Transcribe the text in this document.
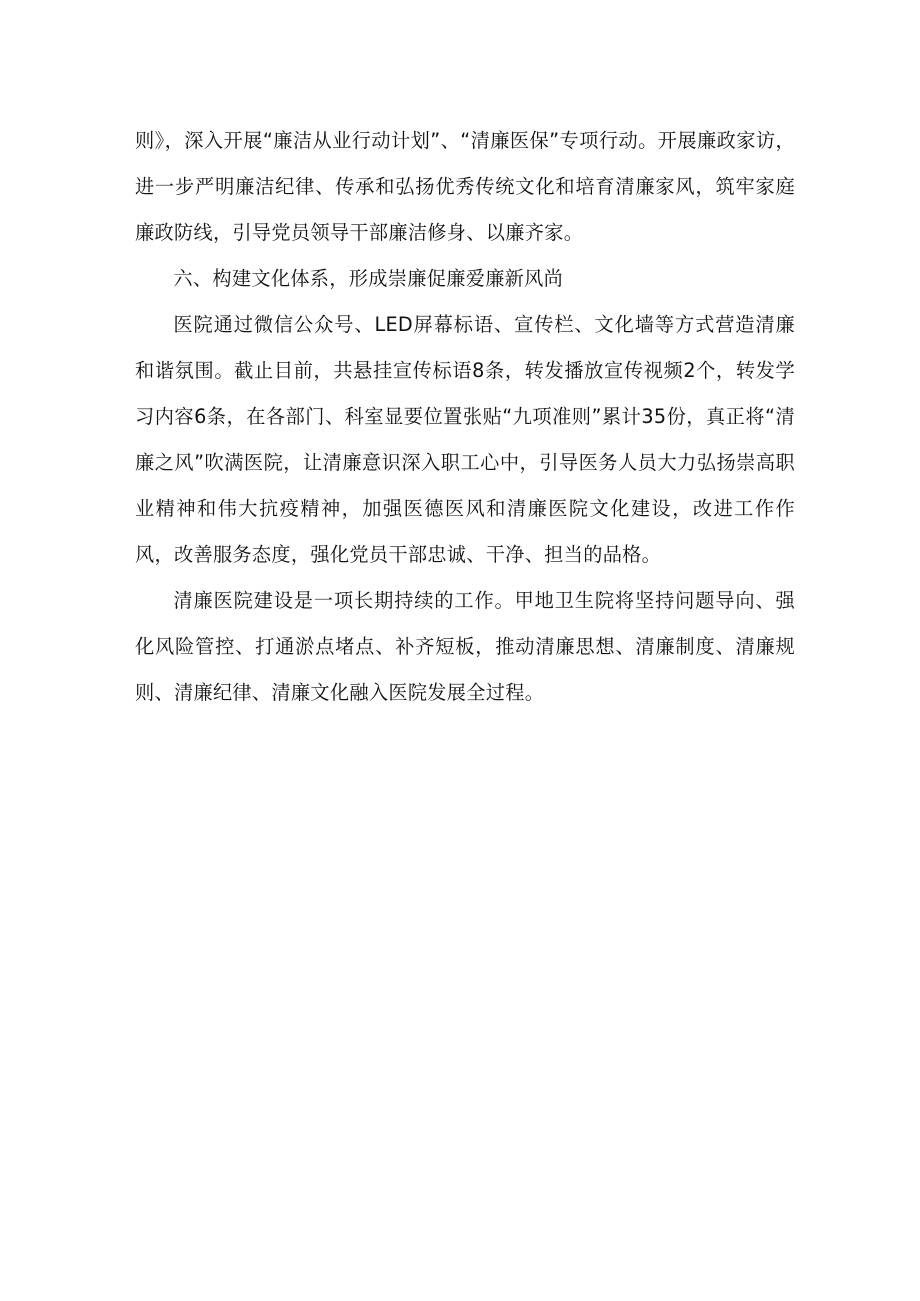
则》，深入开展“廉洁从业行动计划”、“清廉医保”专项行动。开展廉政家访，进一步严明廉洁纪律、传承和弘扬优秀传统文化和培育清廉家风，筑牢家庭廉政防线，引导党员领导干部廉洁修身、以廉齐家。

六、构建文化体系，形成崇廉促廉爱廉新风尚

医院通过微信公众号、LED屏幕标语、宣传栏、文化墙等方式营造清廉和谐氛围。截止目前，共悬挂宣传标语8条，转发播放宣传视频2个，转发学习内容6条，在各部门、科室显要位置张贴“九项准则”累计35份，真正将“清廉之风”吹满医院，让清廉意识深入职工心中，引导医务人员大力弘扬崇高职业精神和伟大抗疫精神，加强医德医风和清廉医院文化建设，改进工作作风，改善服务态度，强化党员干部忠诚、干净、担当的品格。

清廉医院建设是一项长期持续的工作。甲地卫生院将坚持问题导向、强化风险管控、打通淤点堵点、补齐短板，推动清廉思想、清廉制度、清廉规则、清廉纪律、清廉文化融入医院发展全过程。
